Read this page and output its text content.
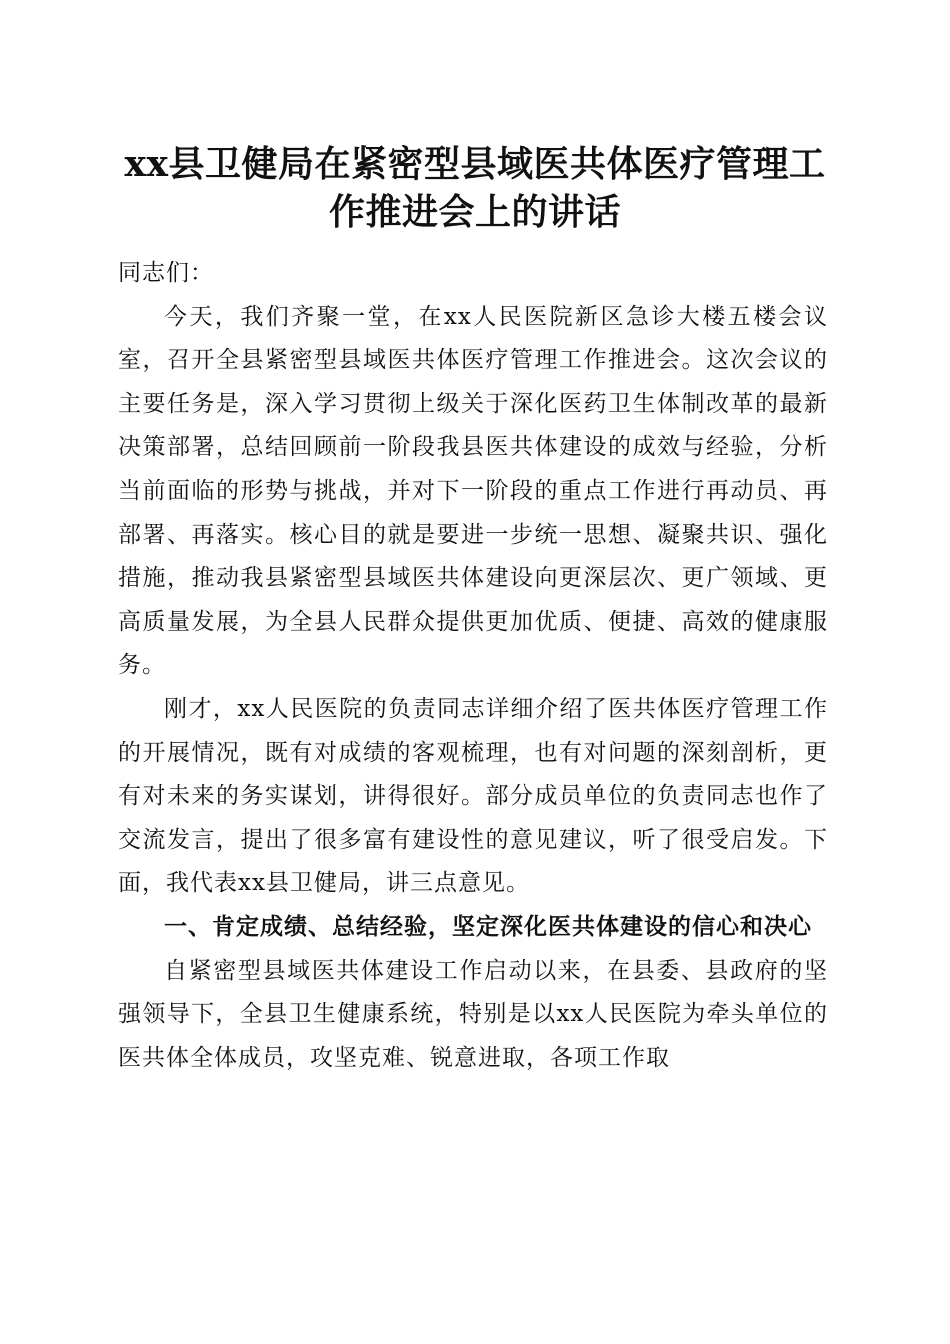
xx县卫健局在紧密型县域医共体医疗管理工作推进会上的讲话

同志们：

今天，我们齐聚一堂，在xx人民医院新区急诊大楼五楼会议室，召开全县紧密型县域医共体医疗管理工作推进会。这次会议的主要任务是，深入学习贯彻上级关于深化医药卫生体制改革的最新决策部署，总结回顾前一阶段我县医共体建设的成效与经验，分析当前面临的形势与挑战，并对下一阶段的重点工作进行再动员、再部署、再落实。核心目的就是要进一步统一思想、凝聚共识、强化措施，推动我县紧密型县域医共体建设向更深层次、更广领域、更高质量发展，为全县人民群众提供更加优质、便捷、高效的健康服务。

刚才，xx人民医院的负责同志详细介绍了医共体医疗管理工作的开展情况，既有对成绩的客观梳理，也有对问题的深刻剖析，更有对未来的务实谋划，讲得很好。部分成员单位的负责同志也作了交流发言，提出了很多富有建设性的意见建议，听了很受启发。下面，我代表xx县卫健局，讲三点意见。

一、肯定成绩、总结经验，坚定深化医共体建设的信心和决心

自紧密型县域医共体建设工作启动以来，在县委、县政府的坚强领导下，全县卫生健康系统，特别是以xx人民医院为牵头单位的医共体全体成员，攻坚克难、锐意进取，各项工作取
